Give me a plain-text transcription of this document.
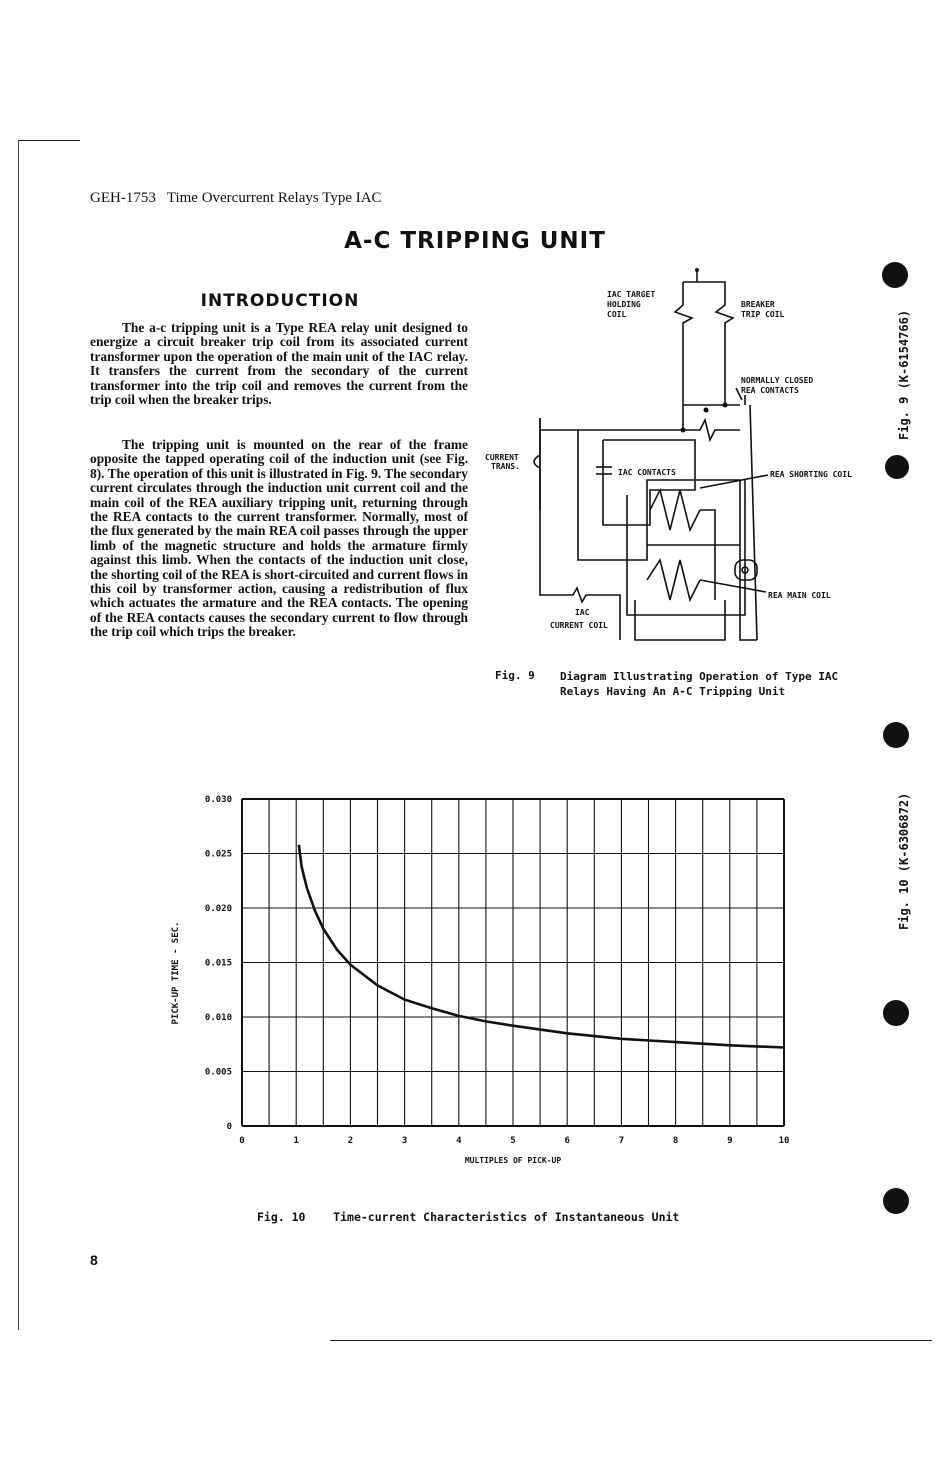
GEH-1753 Time Overcurrent Relays Type IAC
A-C TRIPPING UNIT
INTRODUCTION
The a-c tripping unit is a Type REA relay unit designed to energize a circuit breaker trip coil from its associated current transformer upon the operation of the main unit of the IAC relay. It transfers the current from the secondary of the current transformer into the trip coil and removes the current from the trip coil when the breaker trips.
The tripping unit is mounted on the rear of the frame opposite the tapped operating coil of the induction unit (see Fig. 8). The operation of this unit is illustrated in Fig. 9. The secondary current circulates through the induction unit current coil and the main coil of the REA auxiliary tripping unit, returning through the REA contacts to the current transformer. Normally, most of the flux generated by the main REA coil passes through the upper limb of the magnetic structure and holds the armature firmly against this limb. When the contacts of the induction unit close, the shorting coil of the REA is short-circuited and current flows in this coil by transformer action, causing a redistribution of flux which actuates the armature and the REA contacts. The opening of the REA contacts causes the secondary current to flow through the trip coil which trips the breaker.
IAC TARGET
HOLDING
COIL
BREAKER
TRIP COIL
NORMALLY CLOSED
REA CONTACTS
CURRENT
TRANS.
IAC CONTACTS	REA SHORTING COIL
REA MAIN COIL
IAC
CURRENT COIL
Fig. 9 Diagram Illustrating Operation of Type IAC
Relays Having An A-C Tripping Unit
Fig. 9 (K-6154766)
Fig. 10 (K-6306872)
0
0.005
0.010
0.015
0.020
0.025
0.030
0	1	2	3	4	5	6	7	8	9	10
PICK-UP TIME - SEC.
MULTIPLES OF PICK-UP
Fig. 10 Time-current Characteristics of Instantaneous Unit
8
